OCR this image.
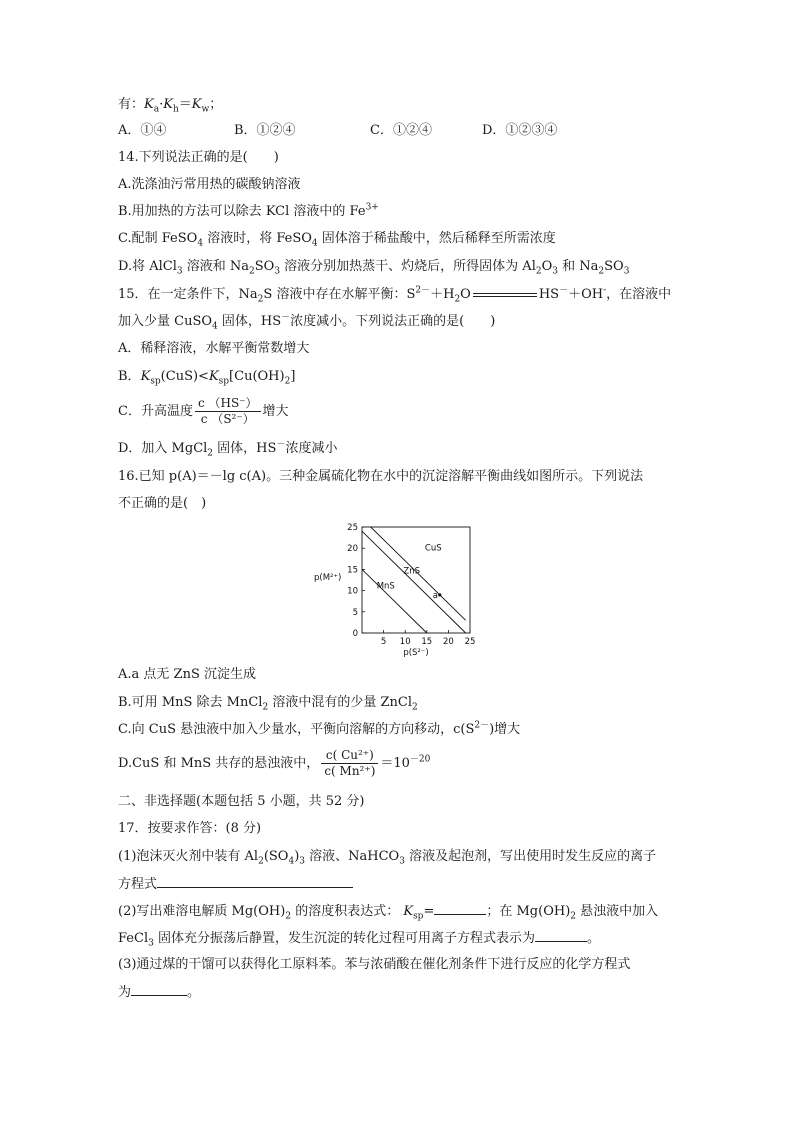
有：$K_a\cdot K_h=K_w$；
A．①④	B．①②④	C．①②④	D．①②③④
14.下列说法正确的是(　　)
A.洗涤油污常用热的碳酸钠溶液
B.用加热的方法可以除去 KCl 溶液中的 $Fe^{3+}$
C.配制 FeSO$_4$ 溶液时，将 FeSO$_4$ 固体溶于稀盐酸中，然后稀释至所需浓度
D.将 AlCl$_3$ 溶液和 $Na_2SO_3$ 溶液分别加热蒸干、灼烧后，所得固体为 $Al_2O_3$ 和 $Na_2SO_3$
15．在一定条件下，$Na_2S$ 溶液中存在水解平衡：$S^{2-}+H_2O$	HS－＋OH-，在溶液中
加入少量 CuSO$_4$ 固体，HS－浓度减小。下列说法正确的是(　　)
A．稀释溶液，水解平衡常数增大
B．$K_{sp}(CuS)<K_{sp}[Cu(OH)_2]$
C．升高温度 $\frac{c (HS^-)}{\text{c （S²⁻）}}$ 增大
D．加入 MgCl$_2$ 固体，HS－浓度减小
16.已知 p(A)＝－lg c(A)。三种金属硫化物在水中的沉淀溶解平衡曲线如图所示。下列说法
不正确的是(　)
0
5
10
15
20
25
5 10 15 20 25
MnS
ZnS
CuS
a
p(M²⁺)
p(S²⁻)
A.a 点无 ZnS 沉淀生成
B.可用 MnS 除去 MnCl$_2$ 溶液中混有的少量 ZnCl$_2$
C.向 CuS 悬浊液中加入少量水，平衡向溶解的方向移动，$c(S^{2-})$增大
D.CuS 和 MnS 共存的悬浊液中， $\frac{\text{c( Cu²⁺)}}{\text{c( Mn²⁺)}} =10^{-20}$
二、非选择题(本题包括 5 小题，共 52 分)
17．按要求作答：(8 分)
(1)泡沫灭火剂中装有 $Al_2(SO_4)_3$ 溶液、NaHCO$_3$ 溶液及起泡剂，写出使用时发生反应的离子
方程式
(2)写出难溶电解质 $Mg(OH)_2$ 的溶度积表达式： $K_{sp}=$	；在 $Mg(OH)_2$ 悬浊液中加入
FeCl$_3$ 固体充分振荡后静置，发生沉淀的转化过程可用离子方程式表示为	。
(3)通过煤的干馏可以获得化工原料苯。苯与浓硝酸在催化剂条件下进行反应的化学方程式
为	。
